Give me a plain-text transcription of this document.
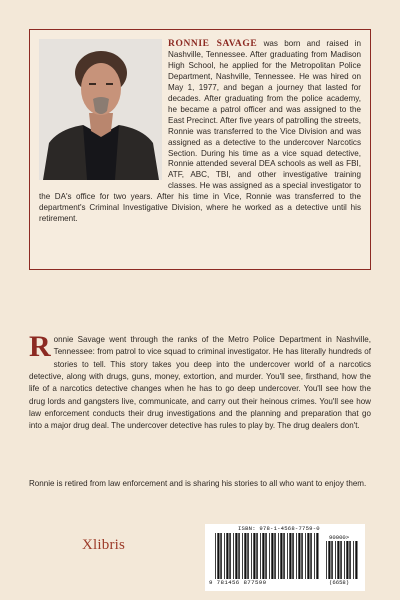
RONNIE SAVAGE was born and raised in Nashville, Tennessee. After graduating from Madison High School, he applied for the Metropolitan Police Department, Nashville, Tennessee. He was hired on May 1, 1977, and began a journey that lasted for decades. After graduating from the police academy, he became a patrol officer and was assigned to the East Precinct. After five years of patrolling the streets, Ronnie was transferred to the Vice Division and was assigned as a detective to the undercover Narcotics Section. During his time as a vice squad detective, Ronnie attended several DEA schools as well as FBI, ATF, ABC, TBI, and other investigative training classes. He was assigned as a special investigator to the DA's office for two years. After his time in Vice, Ronnie was transferred to the department's Criminal Investigative Division, where he worked as a detective until his retirement.

Ronnie Savage went through the ranks of the Metro Police Department in Nashville, Tennessee: from patrol to vice squad to criminal investigator. He has literally hundreds of stories to tell. This story takes you deep into the undercover world of a narcotics detective, along with drugs, guns, money, extortion, and murder. You'll see, firsthand, how the life of a narcotics detective changes when he has to go deep undercover. You'll see how the drug lords and gangsters live, communicate, and carry out their heinous crimes. You'll see how law enforcement conducts their drug investigations and the planning and preparation that go into a major drug deal. The undercover detective has rules to play by. The drug dealers don't.

Ronnie is retired from law enforcement and is sharing his stories to all who want to enjoy them.

Xlibris
ISBN: 978-1-4568-7759-0
90000>
9 781456 877590	(6658)
